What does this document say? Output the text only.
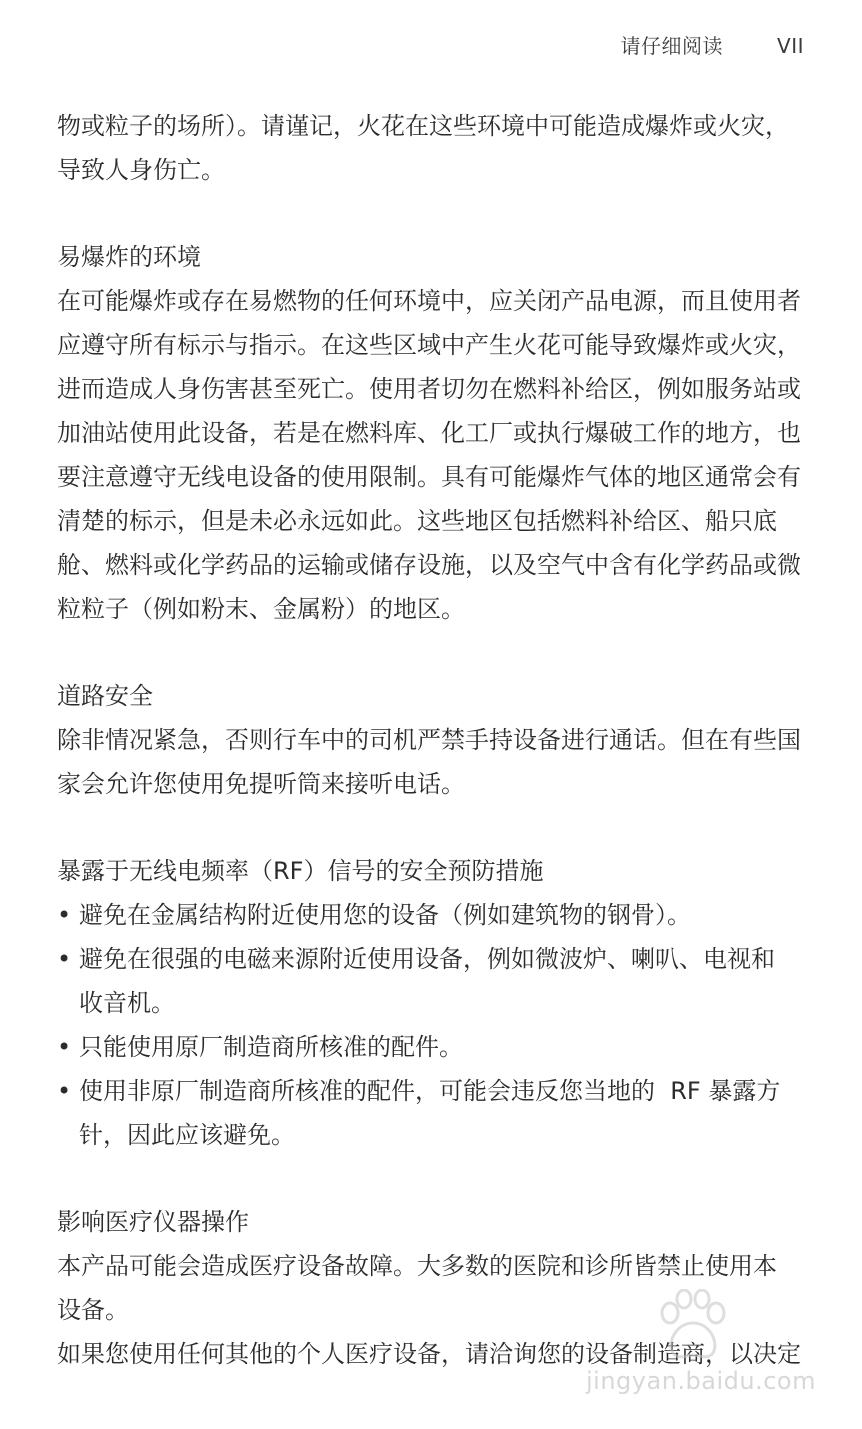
请仔细阅读	VII

物或粒子的场所）。请谨记，火花在这些环境中可能造成爆炸或火灾，

导致人身伤亡。

易爆炸的环境

在可能爆炸或存在易燃物的任何环境中，应关闭产品电源，而且使用者

应遵守所有标示与指示。在这些区域中产生火花可能导致爆炸或火灾，

进而造成人身伤害甚至死亡。使用者切勿在燃料补给区，例如服务站或

加油站使用此设备，若是在燃料库、化工厂或执行爆破工作的地方，也

要注意遵守无线电设备的使用限制。具有可能爆炸气体的地区通常会有

清楚的标示，但是未必永远如此。这些地区包括燃料补给区、船只底

舱、燃料或化学药品的运输或储存设施，以及空气中含有化学药品或微

粒粒子（例如粉末、金属粉）的地区。

道路安全

除非情况紧急，否则行车中的司机严禁手持设备进行通话。但在有些国

家会允许您使用免提听筒来接听电话。

暴露于无线电频率（RF）信号的安全预防措施

• 避免在金属结构附近使用您的设备（例如建筑物的钢骨）。
• 避免在很强的电磁来源附近使用设备，例如微波炉、喇叭、电视和
收音机。
• 只能使用原厂制造商所核准的配件。
• 使用非原厂制造商所核准的配件，可能会违反您当地的  RF 暴露方
针，因此应该避免。

影响医疗仪器操作

本产品可能会造成医疗设备故障。大多数的医院和诊所皆禁止使用本

设备。

如果您使用任何其他的个人医疗设备，请洽询您的设备制造商，以决定

jingyan.baidu.com
